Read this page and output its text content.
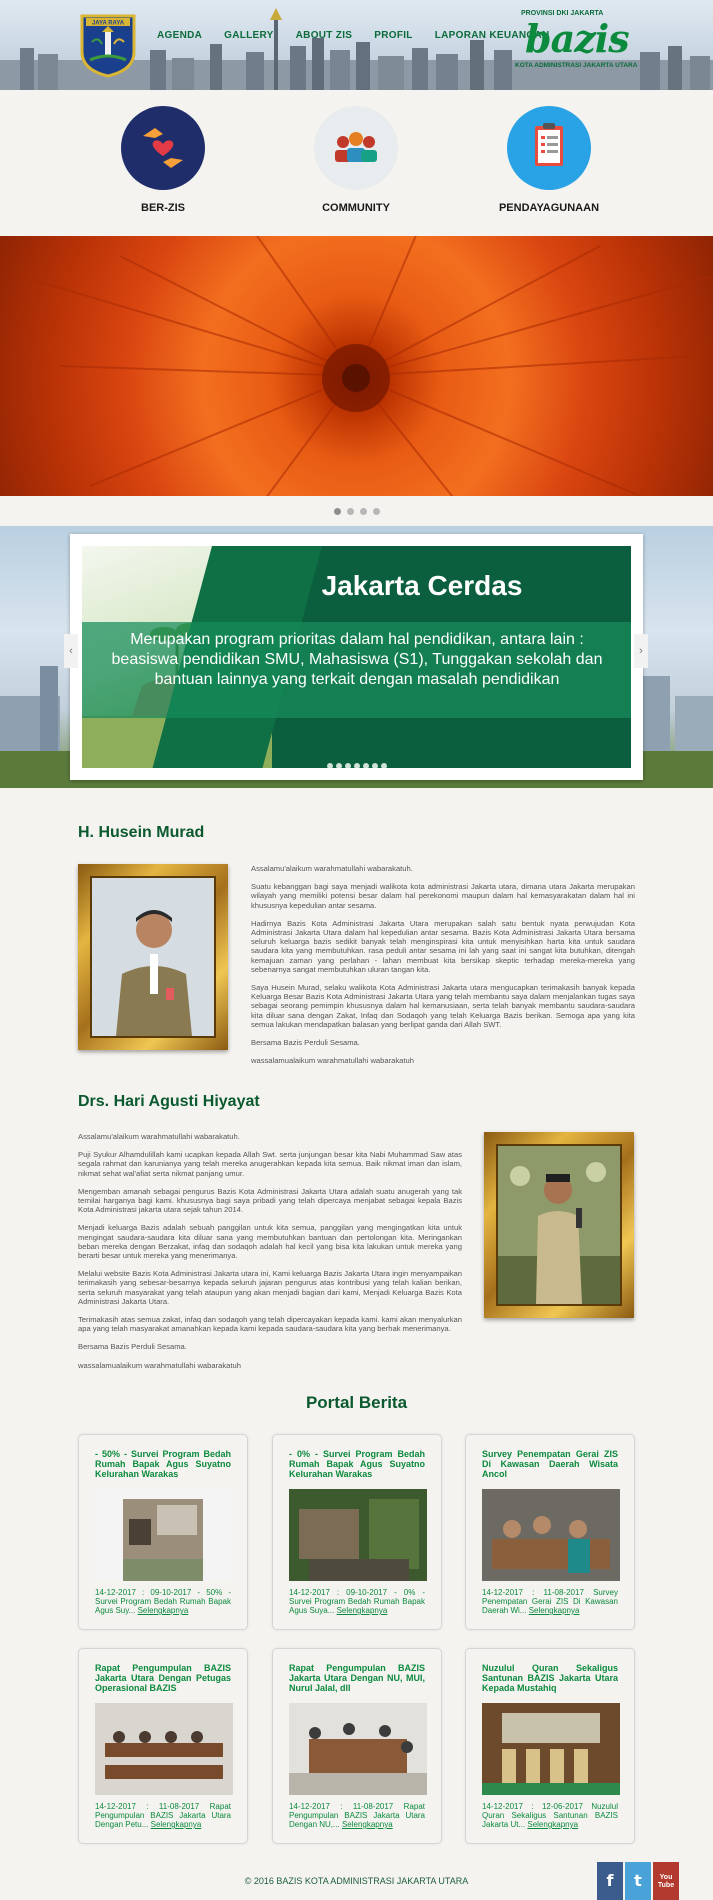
JAYA RAYA
AGENDA GALLERY ABOUT ZIS PROFIL LAPORAN KEUANGAN
PROVINSI DKI JAKARTA
bazis
KOTA ADMINISTRASI JAKARTA UTARA
BER-ZIS	COMMUNITY	PENDAYAGUNAAN
Jakarta Cerdas
Merupakan program prioritas dalam hal pendidikan, antara lain : beasiswa pendidikan SMU, Mahasiswa (S1), Tunggakan sekolah dan bantuan lainnya yang terkait dengan masalah pendidikan
‹	›
H. Husein Murad

Assalamu'alaikum warahmatullahi wabarakatuh.

Suatu kebanggan bagi saya menjadi walikota kota administrasi Jakarta utara, dimana utara Jakarta merupakan wilayah yang memiliki potensi besar dalam hal perekonomi maupun dalam hal kemasyarakatan dalam hal ini khususnya kepedulian antar sesama.

Hadirnya Bazis Kota Administrasi Jakarta Utara merupakan salah satu bentuk nyata perwujudan Kota Administrasi Jakarta Utara dalam hal kepedulian antar sesama. Bazis Kota Administrasi Jakarta Utara bersama seluruh keluarga bazis sedikit banyak telah menginspirasi kita untuk menyisihkan harta kita untuk saudara saudara kita yang membutuhkan. rasa peduli antar sesama ini lah yang saat ini sangat kita butuhkan, ditengah kemajuan zaman yang perlahan - lahan membuat kita bersikap skeptic terhadap mereka-mereka yang sebenarnya sangat membutuhkan uluran tangan kita.

Saya Husein Murad, selaku walikota Kota Administrasi Jakarta utara mengucapkan terimakasih banyak kepada Keluarga Besar Bazis Kota Administrasi Jakarta Utara yang telah membantu saya dalam menjalankan tugas saya sebagai seorang pemimpin khususnya dalam hal kemanusiaan, serta telah banyak membantu saudara-saudara kita diluar sana dengan Zakat, Infaq dan Sodaqoh yang telah Keluarga Bazis berikan. Semoga apa yang kita semua lakukan mendapatkan balasan yang berlipat ganda dari Allah SWT.

Bersama Bazis Perduli Sesama.

wassalamualaikum warahmatullahi wabarakatuh

Drs. Hari Agusti Hiyayat

Assalamu'alaikum warahmatullahi wabarakatuh.

Puji Syukur Alhamdulillah kami ucapkan kepada Allah Swt. serta junjungan besar kita Nabi Muhammad Saw atas segala rahmat dan karunianya yang telah mereka anugerahkan kepada kita semua. Baik nikmat iman dan islam, nikmat sehat wal'afiat serta nikmat panjang umur.

Mengemban amanah sebagai pengurus Bazis Kota Administrasi Jakarta Utara adalah suatu anugerah yang tak ternilai harganya bagi kami. khususnya bagi saya pribadi yang telah dipercaya menjabat sebagai kepala Bazis Kota Administrasi jakarta utara sejak tahun 2014.

Menjadi keluarga Bazis adalah sebuah panggilan untuk kita semua, panggilan yang mengingatkan kita untuk mengingat saudara-saudara kita diluar sana yang membutuhkan bantuan dan pertolongan kita. Meringankan beban mereka dengan Berzakat, infaq dan sodaqoh adalah hal kecil yang bisa kita lakukan untuk mereka yang berarti besar untuk mereka yang menerimanya.

Melalui website Bazis Kota Administrasi Jakarta utara ini, Kami keluarga Bazis Jakarta Utara ingin menyampaikan terimakasih yang sebesar-besarnya kepada seluruh jajaran pengurus atas kontribusi yang telah kalian berikan, serta seluruh masyarakat yang telah ataupun yang akan menjadi bagian dari kami, Menjadi Keluarga Bazis Kota Administrasi Jakarta Utara.

Terimakasih atas semua zakat, infaq dan sodaqoh yang telah dipercayakan kepada kami. kami akan menyalurkan apa yang telah masyarakat amanahkan kepada kami kepada saudara-saudara kita yang berhak menerimanya.

Bersama Bazis Perduli Sesama.

wassalamualaikum warahmatullahi wabarakatuh

Portal Berita
- 50% - Survei Program Bedah Rumah Bapak Agus Suyatno Kelurahan Warakas
14-12-2017 : 09-10-2017 - 50% - Survei Program Bedah Rumah Bapak Agus Suy... Selengkapnya
- 0% - Survei Program Bedah Rumah Bapak Agus Suyatno Kelurahan Warakas
14-12-2017 : 09-10-2017 - 0% - Survei Program Bedah Rumah Bapak Agus Suya... Selengkapnya
Survey Penempatan Gerai ZIS Di Kawasan Daerah Wisata Ancol
14-12-2017 : 11-08-2017 Survey Penempatan Gerai ZIS Di Kawasan Daerah Wi... Selengkapnya
Rapat Pengumpulan BAZIS Jakarta Utara Dengan Petugas Operasional BAZIS
14-12-2017 : 11-08-2017 Rapat Pengumpulan BAZIS Jakarta Utara Dengan Petu... Selengkapnya
Rapat Pengumpulan BAZIS Jakarta Utara Dengan NU, MUI, Nurul Jalal, dll
14-12-2017 : 11-08-2017 Rapat Pengumpulan BAZIS Jakarta Utara Dengan NU,... Selengkapnya
Nuzulul Quran Sekaligus Santunan BAZIS Jakarta Utara Kepada Mustahiq
14-12-2017 : 12-06-2017 Nuzulul Quran Sekaligus Santunan BAZIS Jakarta Ut... Selengkapnya
© 2016 BAZIS KOTA ADMINISTRASI JAKARTA UTARA	f	t	You Tube
